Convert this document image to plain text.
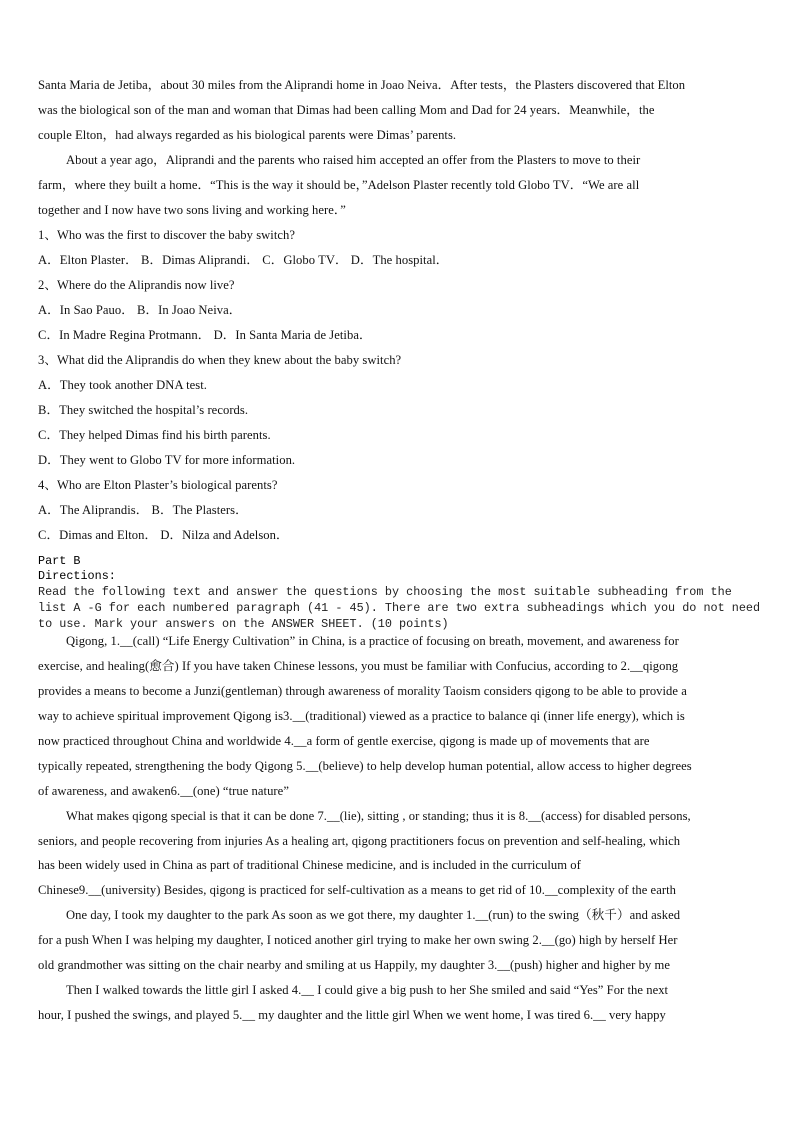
Santa Maria de Jetiba，about 30 miles from the Aliprandi home in Joao Neiva．After tests，the Plasters discovered that Elton
was the biological son of the man and woman that Dimas had been calling Mom and Dad for 24 years．Meanwhile，the
couple Elton，had always regarded as his biological parents were Dimas’ parents.
About a year ago，Aliprandi and the parents who raised him accepted an offer from the Plasters to move to their
farm，where they built a home．“This is the way it should be，”Adelson Plaster recently told Globo TV．“We are all
together and I now have two sons living and working here．”
1、Who was the first to discover the baby switch?
A．Elton Plaster． B．Dimas Aliprandi． C．Globo TV． D．The hospital．
2、Where do the Aliprandis now live?
A．In Sao Pauo． B．In Joao Neiva．
C．In Madre Regina Protmann． D．In Santa Maria de Jetiba．
3、What did the Aliprandis do when they knew about the baby switch?
A．They took another DNA test.
B．They switched the hospital’s records.
C．They helped Dimas find his birth parents.
D．They went to Globo TV for more information.
4、Who are Elton Plaster’s biological parents?
A．The Aliprandis． B．The Plasters．
C．Dimas and Elton． D．Nilza and Adelson．
Part B
Directions:
Read the following text and answer the questions by choosing the most suitable subheading from the
list A -G for each numbered paragraph (41 - 45). There are two extra subheadings which you do not need
to use. Mark your answers on the ANSWER SHEET. (10 points)
Qigong, 1.__(call) “Life Energy Cultivation” in China, is a practice of focusing on breath, movement, and awareness for
exercise, and healing(愈合) If you have taken Chinese lessons, you must be familiar with Confucius, according to 2.__qigong
provides a means to become a Junzi(gentleman) through awareness of morality Taoism considers qigong to be able to provide a
way to achieve spiritual improvement Qigong is3.__(traditional) viewed as a practice to balance qi (inner life energy), which is
now practiced throughout China and worldwide 4.__a form of gentle exercise, qigong is made up of movements that are
typically repeated, strengthening the body Qigong 5.__(believe) to help develop human potential, allow access to higher degrees
of awareness, and awaken6.__(one) “true nature”
What makes qigong special is that it can be done 7.__(lie), sitting , or standing; thus it is 8.__(access) for disabled persons,
seniors, and people recovering from injuries As a healing art, qigong practitioners focus on prevention and self-healing, which
has been widely used in China as part of traditional Chinese medicine, and is included in the curriculum of
Chinese9.__(university) Besides, qigong is practiced for self-cultivation as a means to get rid of 10.__complexity of the earth
One day, I took my daughter to the park As soon as we got there, my daughter 1.__(run) to the swing（秋千）and asked
for a push When I was helping my daughter, I noticed another girl trying to make her own swing 2.__(go) high by herself Her
old grandmother was sitting on the chair nearby and smiling at us Happily, my daughter 3.__(push) higher and higher by me
Then I walked towards the little girl I asked 4.__ I could give a big push to her She smiled and said “Yes” For the next
hour, I pushed the swings, and played 5.__ my daughter and the little girl When we went home, I was tired 6.__ very happy
